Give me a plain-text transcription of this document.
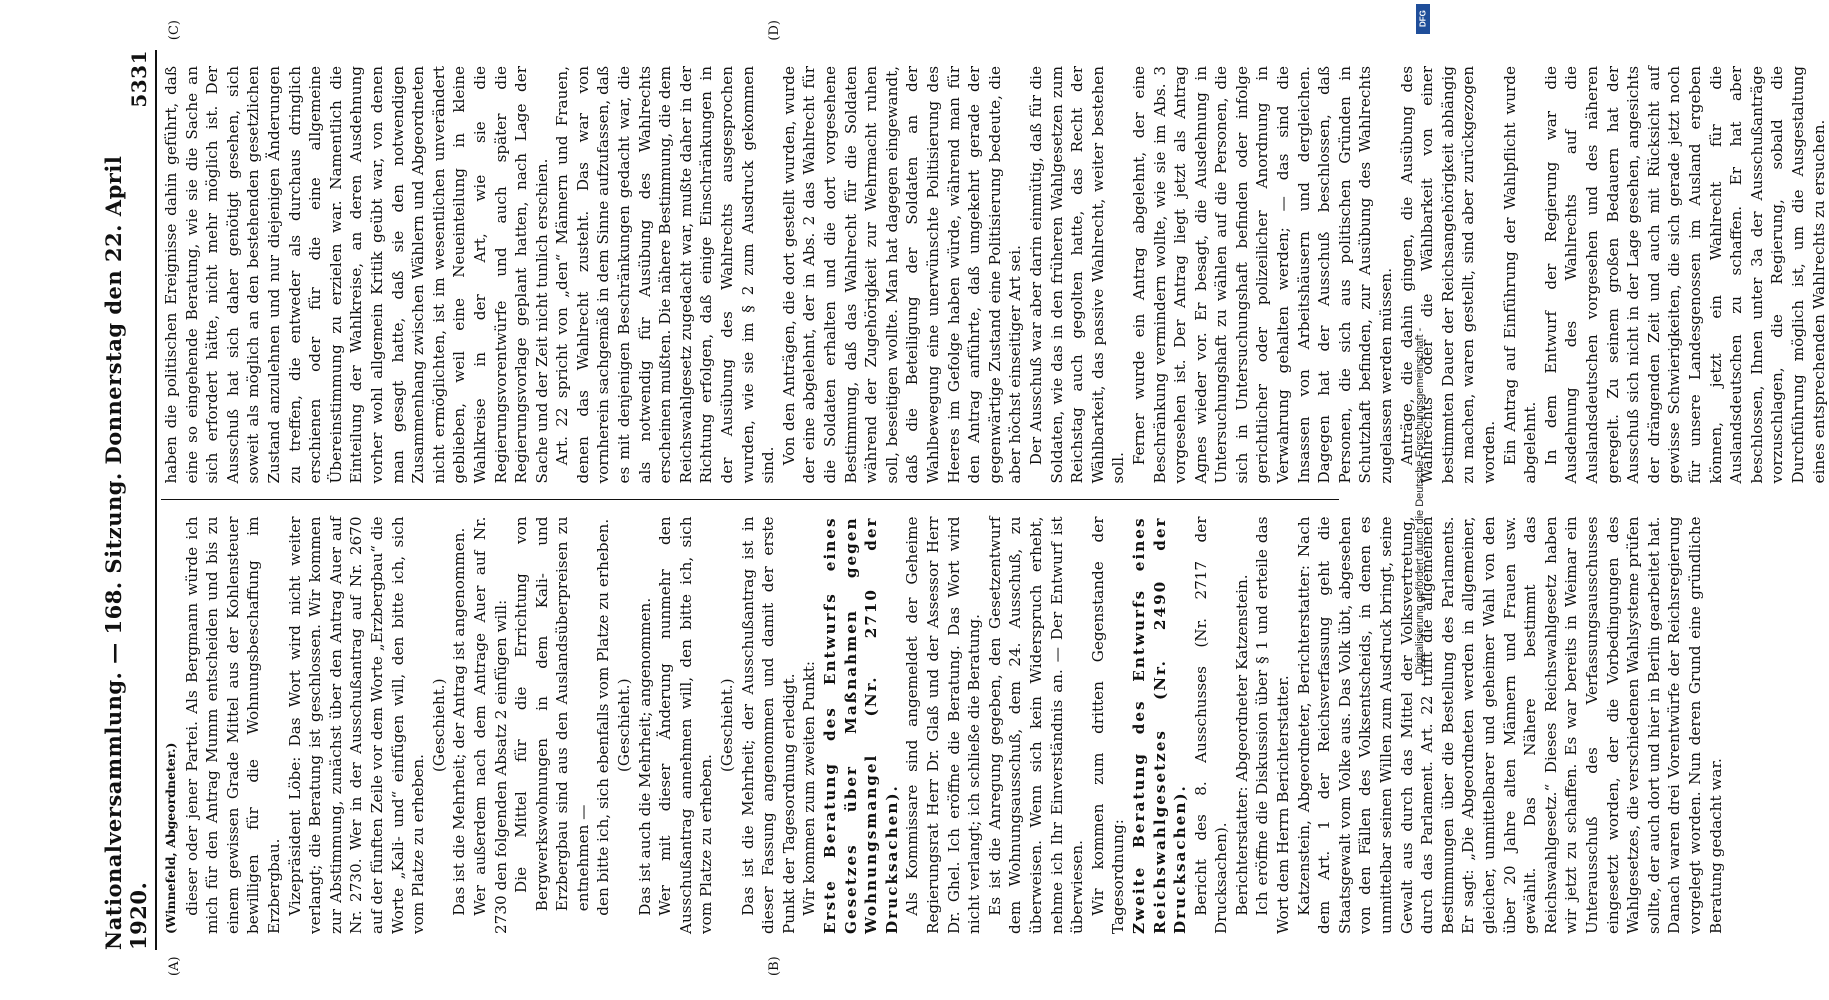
Nationalversammlung. — 168. Sitzung. Donnerstag den 22. April 1920.
5331

(Winnefeld, Abgeordneter.) dieser oder jener Partei. Als Bergmann würde ich mich für den Antrag Mumm entscheiden und bis zu einem gewissen Grade Mittel aus der Kohlensteuer bewilligen für die Wohnungsbeschaffung im Erzbergbau. Vizepräsident Löbe: Das Wort wird nicht weiter verlangt; die Beratung ist geschlossen. Wir kommen zur Abstimmung, zunächst über den Antrag Auer auf Nr. 2730. Wer in der Ausschußantrag auf Nr. 2670 auf der fünften Zeile vor dem Worte „Erzbergbau“ die Worte „Kali- und“ einfügen will, den bitte ich, sich vom Platze zu erheben.

(Geschieht.) Das ist die Mehrheit; der Antrag ist angenommen. Wer außerdem nach dem Antrage Auer auf Nr. 2730 den folgenden Absatz 2 einfügen will: Die Mittel für die Errichtung von Bergwerkswohnungen in dem Kali- und Erzbergbau sind aus den Auslandsüberpreisen zu entnehmen — den bitte ich, sich ebenfalls vom Platze zu erheben. (Geschieht.) Das ist auch die Mehrheit; angenommen. Wer mit dieser Änderung nunmehr den Ausschußantrag annehmen will, den bitte ich, sich vom Platze zu erheben.

(Geschieht.) Das ist die Mehrheit; der Ausschußantrag ist in dieser Fassung angenommen und damit der erste Punkt der Tagesordnung erledigt. Wir kommen zum zweiten Punkt: Erste Beratung des Entwurfs eines Gesetzes über Maßnahmen gegen Wohnungsmangel (Nr. 2710 der Drucksachen). Als Kommissare sind angemeldet der Geheime Regierungsrat Herr Dr. Glaß und der Assessor Herr Dr. Ghel. Ich eröffne die Beratung. Das Wort wird nicht verlangt; ich schließe die Beratung. Es ist die Anregung gegeben, den Gesetzentwurf dem Wohnungsausschuß, dem 24. Ausschuß, zu überweisen. Wenn sich kein Widerspruch erhebt, nehme ich Ihr Einverständnis an. — Der Entwurf ist überwiesen. Wir kommen zum dritten Gegenstande der Tagesordnung: Zweite Beratung des Entwurfs eines Reichswahlgesetzes (Nr. 2490 der Drucksachen). Bericht des 8. Ausschusses (Nr. 2717 der Drucksachen). Berichterstatter: Abgeordneter Katzenstein. Ich eröffne die Diskussion über § 1 und erteile das Wort dem Herrn Berichterstatter. Katzenstein, Abgeordneter, Berichterstatter: Nach dem Art. 1 der Reichsverfassung geht die Staatsgewalt vom Volke aus. Das Volk übt, abgesehen von den Fällen des Volksentscheids, in denen es unmittelbar seinen Willen zum Ausdruck bringt, seine Gewalt aus durch das Mittel der Volksvertretung, durch das Parlament. Art. 22 trifft die allgemeinen Bestimmungen über die Bestellung des Parlaments. Er sagt: „Die Abgeordneten werden in allgemeiner, gleicher, unmittelbarer und geheimer Wahl von den über 20 Jahre alten Männern und Frauen usw. gewählt. Das Nähere bestimmt das Reichswahlgesetz.“ Dieses Reichswahlgesetz haben wir jetzt zu schaffen. Es war bereits in Weimar ein Unterausschuß des Verfassungsausschusses eingesetzt worden, der die Vorbedingungen des Wahlgesetzes, die verschiedenen Wahlsysteme prüfen sollte, der auch dort und hier in Berlin gearbeitet hat. Danach waren drei Vorentwürfe der Reichsregierung vorgelegt worden. Nun deren Grund eine gründliche Beratung gedacht war.

haben die politischen Ereignisse dahin geführt, daß eine so eingehende Beratung, wie sie die Sache an sich erfordert hätte, nicht mehr möglich ist. Der Ausschuß hat sich daher genötigt gesehen, sich soweit als möglich an den bestehenden gesetzlichen Zustand anzulehnen und nur diejenigen Änderungen zu treffen, die entweder als durchaus dringlich erschienen oder für die eine allgemeine Übereinstimmung zu erzielen war. Namentlich die Einteilung der Wahlkreise, an deren Ausdehnung vorher wohl allgemein Kritik geübt war, von denen man gesagt hatte, daß sie den notwendigen Zusammenhang zwischen Wählern und Abgeordneten nicht ermöglichten, ist im wesentlichen unverändert geblieben, weil eine Neueinteilung in kleine Wahlkreise in der Art, wie sie die Regierungsvorentwürfe und auch später die Regierungsvorlage geplant hatten, nach Lage der Sache und der Zeit nicht tunlich erschien. Art. 22 spricht von „den“ Männern und Frauen, denen das Wahlrecht zusteht. Das war von vornherein sachgemäß in dem Sinne aufzufassen, daß es mit denjenigen Beschränkungen gedacht war, die als notwendig für Ausübung des Wahlrechts erscheinen mußten. Die nähere Bestimmung, die dem Reichswahlgesetz zugedacht war, mußte daher in der Richtung erfolgen, daß einige Einschränkungen in der Ausübung des Wahlrechts ausgesprochen wurden, wie sie im § 2 zum Ausdruck gekommen sind. Von den Anträgen, die dort gestellt wurden, wurde der eine abgelehnt, der in Abs. 2 das Wahlrecht für die Soldaten erhalten und die dort vorgesehene Bestimmung, daß das Wahlrecht für die Soldaten während der Zugehörigkeit zur Wehrmacht ruhen soll, beseitigen wollte. Man hat dagegen eingewandt, daß die Beteiligung der Soldaten an der Wahlbewegung eine unerwünschte Politisierung des Heeres im Gefolge haben würde, während man für den Antrag anführte, daß umgekehrt gerade der gegenwärtige Zustand eine Politisierung bedeute, die aber höchst einseitiger Art sei. Der Ausschuß war aber darin einmütig, daß für die Soldaten, wie das in den früheren Wahlgesetzen zum Reichstag auch gegolten hatte, das Recht der Wählbarkeit, das passive Wahlrecht, weiter bestehen soll.

Ferner wurde ein Antrag abgelehnt, der eine Beschränkung vermindern wollte, wie sie im Abs. 3 vorgesehen ist. Der Antrag liegt jetzt als Antrag Agnes wieder vor. Er besagt, die Ausdehnung in Untersuchungshaft zu wählen auf die Personen, die sich in Untersuchungshaft befinden oder infolge gerichtlicher oder polizeilicher Anordnung in Verwahrung gehalten werden; — das sind die Insassen von Arbeitshäusern und dergleichen. Dagegen hat der Ausschuß beschlossen, daß Personen, die sich aus politischen Gründen in Schutzhaft befinden, zur Ausübung des Wahlrechts zugelassen werden müssen. Anträge, die dahin gingen, die Ausübung des Wahlrechts oder die Wählbarkeit von einer bestimmten Dauer der Reichsangehörigkeit abhängig zu machen, waren gestellt, sind aber zurückgezogen worden. Ein Antrag auf Einführung der Wahlpflicht wurde abgelehnt. In dem Entwurf der Regierung war die Ausdehnung des Wahlrechts auf die Auslandsdeutschen vorgesehen und des näheren geregelt. Zu seinem großen Bedauern hat der Ausschuß sich nicht in der Lage gesehen, angesichts der drängenden Zeit und auch mit Rücksicht auf gewisse Schwierigkeiten, die sich gerade jetzt noch für unsere Landesgenossen im Ausland ergeben können, jetzt ein Wahlrecht für die Auslandsdeutschen zu schaffen. Er hat aber beschlossen, Ihnen unter 3a der Ausschußanträge vorzuschlagen, die Regierung, sobald die Durchführung möglich ist, um die Ausgestaltung eines entsprechenden Wahlrechts zu ersuchen.

(A)	(B)
(C)	(D)
Digitalisierung gefördert durch die Deutsche Forschungsgemeinschaft -
DFG
